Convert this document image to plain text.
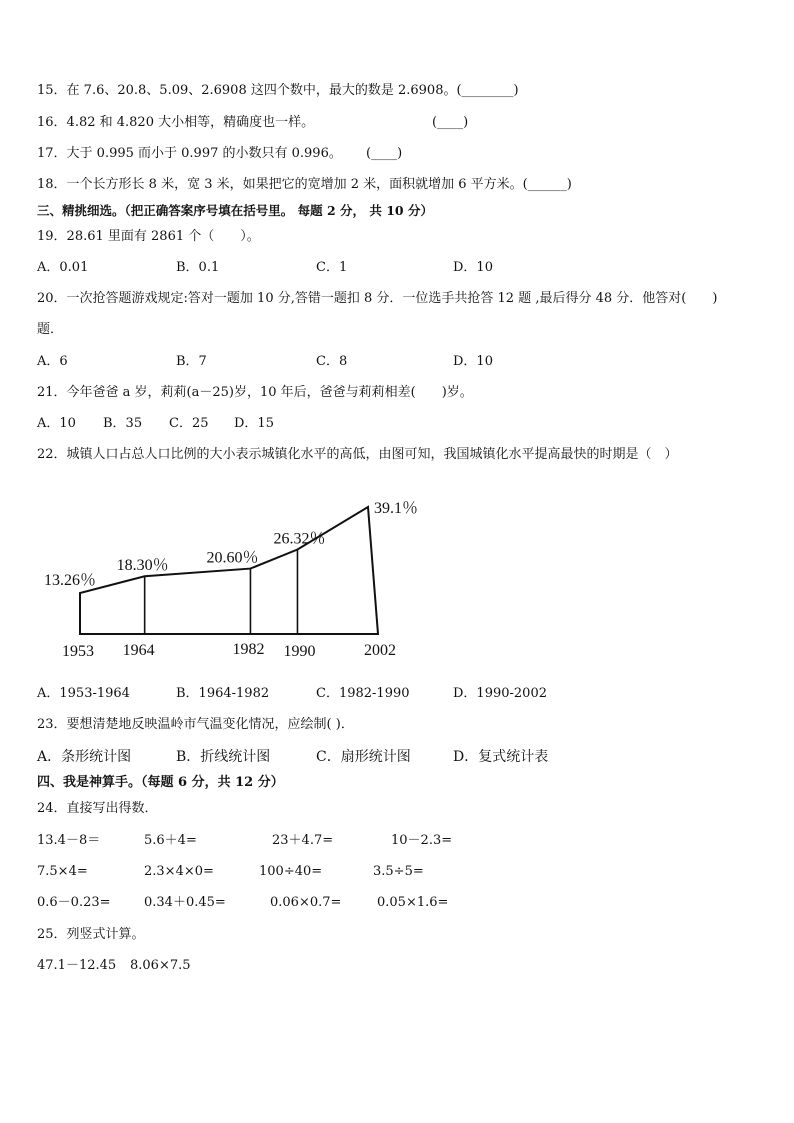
15．在 7.6、20.8、5.09、2.6908 这四个数中，最大的数是 2.6908。(________)
16．4.82 和 4.820 大小相等，精确度也一样。	(____)
17．大于 0.995 而小于 0.997 的小数只有 0.996。 (____)
18．一个长方形长 8 米，宽 3 米，如果把它的宽增加 2 米，面积就增加 6 平方米。(______)
三、精挑细选。（把正确答案序号填在括号里。 每题 2 分， 共 10 分）
19．28.61 里面有 2861 个（　　）。
A．0.01	B．0.1	C．1	D．10
20．一次抢答题游戏规定:答对一题加 10 分,答错一题扣 8 分．一位选手共抢答 12 题 ,最后得分 48 分．他答对(　　)
题．
A．6	B．7	C．8	D．10
21．今年爸爸 a 岁，莉莉(a－25)岁，10 年后，爸爸与莉莉相差(　　)岁。
A．10 B．35 C．25 D．15
22．城镇人口占总人口比例的大小表示城镇化水平的高低，由图可知，我国城镇化水平提高最快的时期是（　）
13.26％
18.30％ 20.60％
26.32％
39.1％
1953 1964	1982 1990	2002
A．1953-1964	B．1964-1982	C．1982-1990	D．1990-2002
23．要想清楚地反映温岭市气温变化情况，应绘制( )．
A．条形统计图	B．折线统计图	C．扇形统计图	D．复式统计表
四、我是神算手。（每题 6 分，共 12 分）
24．直接写出得数．
13.4－8＝	5.6＋4=	23＋4.7=	10－2.3=
7.5×4=	2.3×4×0=	100÷40=	3.5÷5=
0.6－0.23=	0.34＋0.45=	0.06×0.7=	0.05×1.6=
25．列竖式计算。
47.1－12.45 8.06×7.5
